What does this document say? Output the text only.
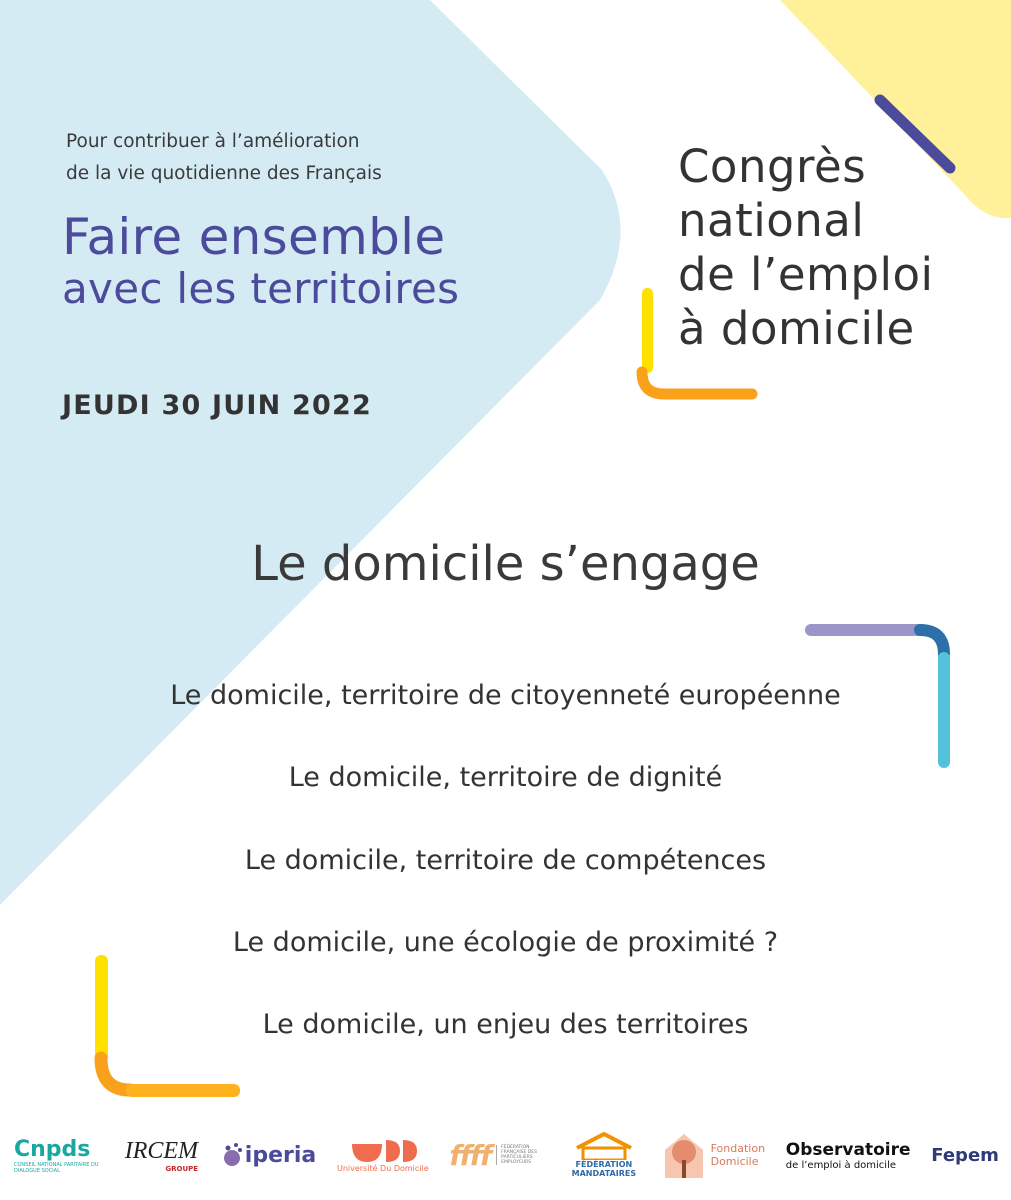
Pour contribuer à l’amélioration
de la vie quotidienne des Français
Faire ensemble
avec les territoires
JEUDI 30 JUIN 2022
Congrès
national
de l’emploi
à domicile
Le domicile s’engage
Le domicile, territoire de citoyenneté européenne
Le domicile, territoire de dignité
Le domicile, territoire de compétences
Le domicile, une écologie de proximité ?
Le domicile, un enjeu des territoires
Cnpds
CONSEIL NATIONAL PARITAIRE DU DIALOGUE SOCIAL
IRCEM
GROUPE
iperia
Université Du Domicile ffff	FÉDÉRATION FRANÇAISE DES PARTICULIERS EMPLOYEURS	FÉDÉRATION MANDATAIRES
Fondation
Domicile
Observatoire
de l’emploi à domicile Fepem
